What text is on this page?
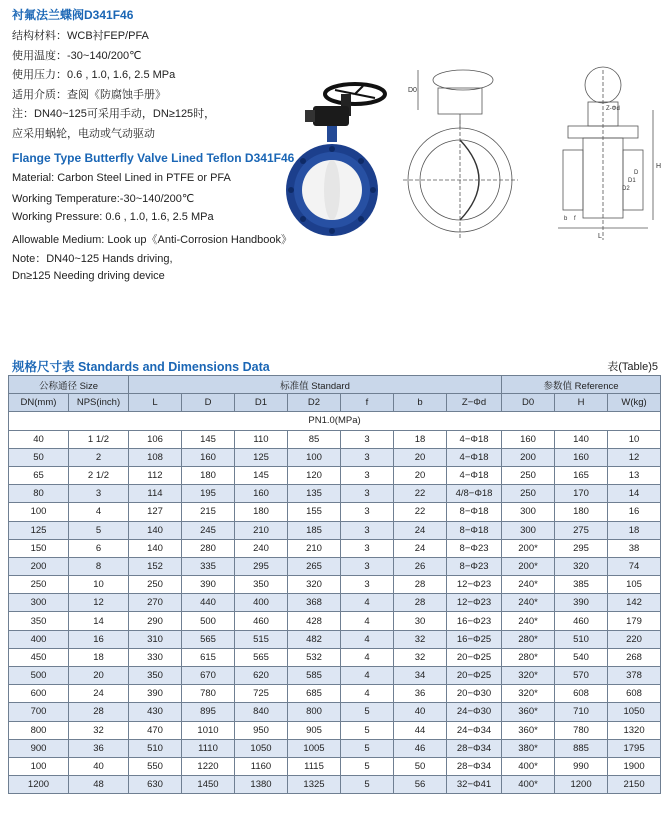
衬氟法兰蝶阀D341F46
结构材料：WCB衬FEP/PFA
使用温度：-30~140/200℃
使用压力：0.6 , 1.0, 1.6, 2.5 MPa
适用介质：查阅《防腐蚀手册》
注：DN40~125可采用手动，DN≥125时，
应采用蜗轮，电动或气动驱动
Flange Type Butterfly Valve Lined Teflon D341F46
Material: Carbon Steel Lined in PTFE or PFA
Working Temperature:-30~140/200℃
Working Pressure: 0.6 , 1.0, 1.6, 2.5 MPa
Allowable Medium: Look up《Anti-Corrosion Handbook》
Note：DN40~125 Hands driving,
Dn≥125 Needing driving device
D0
H
L
D
D1
D2
Z-Φd
b f
规格尺寸表 Standards and Dimensions Data	表(Table)5
公称通径 Size		标准值 Standard							参数值 Reference		
DN(mm)	NPS(inch)	L	D	D1	D2	f	b	Z−Φd	D0	H	W(kg)
PN1.0(MPa)											
40	1 1/2	106	145	110	85	3	18	4−Φ18	160	140	10
50	2	108	160	125	100	3	20	4−Φ18	200	160	12
65	2 1/2	112	180	145	120	3	20	4−Φ18	250	165	13
80	3	114	195	160	135	3	22	4/8−Φ18	250	170	14
100	4	127	215	180	155	3	22	8−Φ18	300	180	16
125	5	140	245	210	185	3	24	8−Φ18	300	275	18
150	6	140	280	240	210	3	24	8−Φ23	200*	295	38
200	8	152	335	295	265	3	26	8−Φ23	200*	320	74
250	10	250	390	350	320	3	28	12−Φ23	240*	385	105
300	12	270	440	400	368	4	28	12−Φ23	240*	390	142
350	14	290	500	460	428	4	30	16−Φ23	240*	460	179
400	16	310	565	515	482	4	32	16−Φ25	280*	510	220
450	18	330	615	565	532	4	32	20−Φ25	280*	540	268
500	20	350	670	620	585	4	34	20−Φ25	320*	570	378
600	24	390	780	725	685	4	36	20−Φ30	320*	608	608
700	28	430	895	840	800	5	40	24−Φ30	360*	710	1050
800	32	470	1010	950	905	5	44	24−Φ34	360*	780	1320
900	36	510	1110	1050	1005	5	46	28−Φ34	380*	885	1795
100	40	550	1220	1160	1115	5	50	28−Φ34	400*	990	1900
1200	48	630	1450	1380	1325	5	56	32−Φ41	400*	1200	2150
